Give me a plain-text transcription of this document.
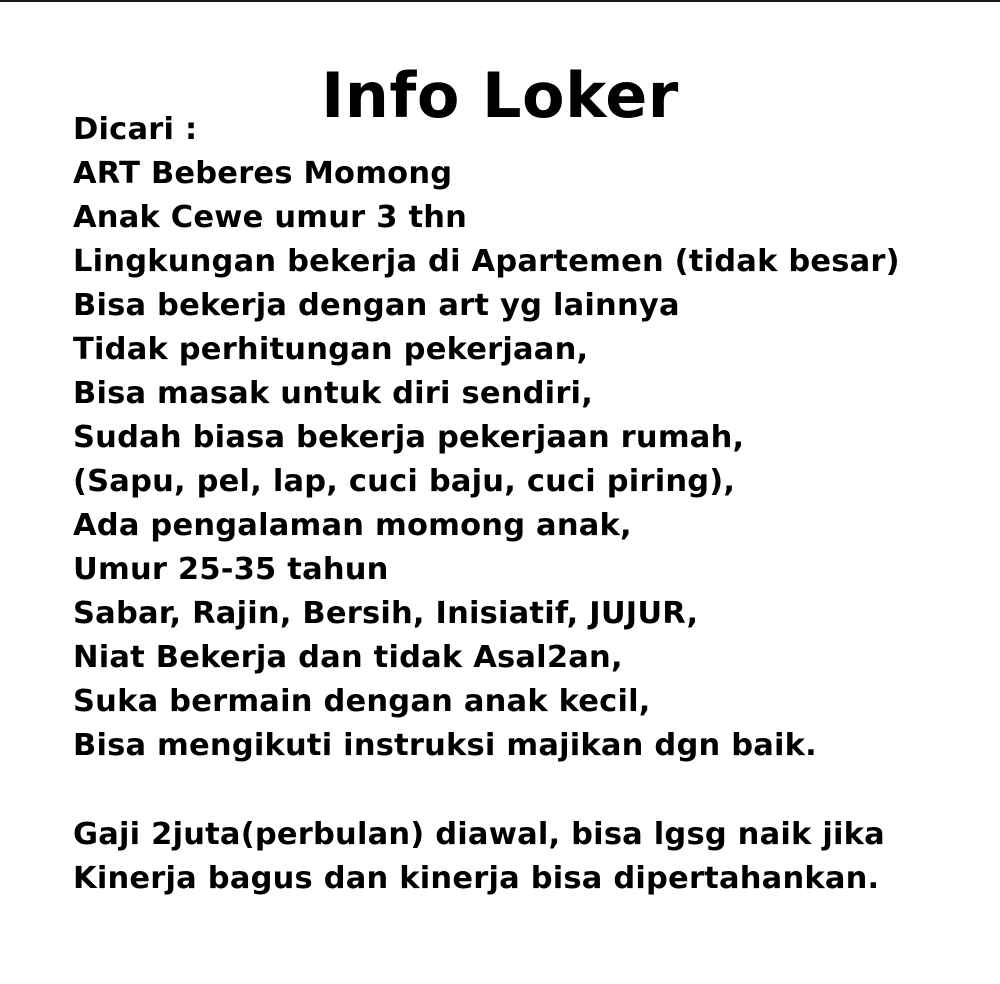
Info Loker
Dicari :
ART Beberes Momong
Anak Cewe umur 3 thn
Lingkungan bekerja di Apartemen (tidak besar)
Bisa bekerja dengan art yg lainnya
Tidak perhitungan pekerjaan,
Bisa masak untuk diri sendiri,
Sudah biasa bekerja pekerjaan rumah,
(Sapu, pel, lap, cuci baju, cuci piring),
Ada pengalaman momong anak,
Umur 25-35 tahun
Sabar, Rajin, Bersih, Inisiatif, JUJUR,
Niat Bekerja dan tidak Asal2an,
Suka bermain dengan anak kecil,
Bisa mengikuti instruksi majikan dgn baik.
Gaji 2juta(perbulan) diawal, bisa lgsg naik jika
Kinerja bagus dan kinerja bisa dipertahankan.
